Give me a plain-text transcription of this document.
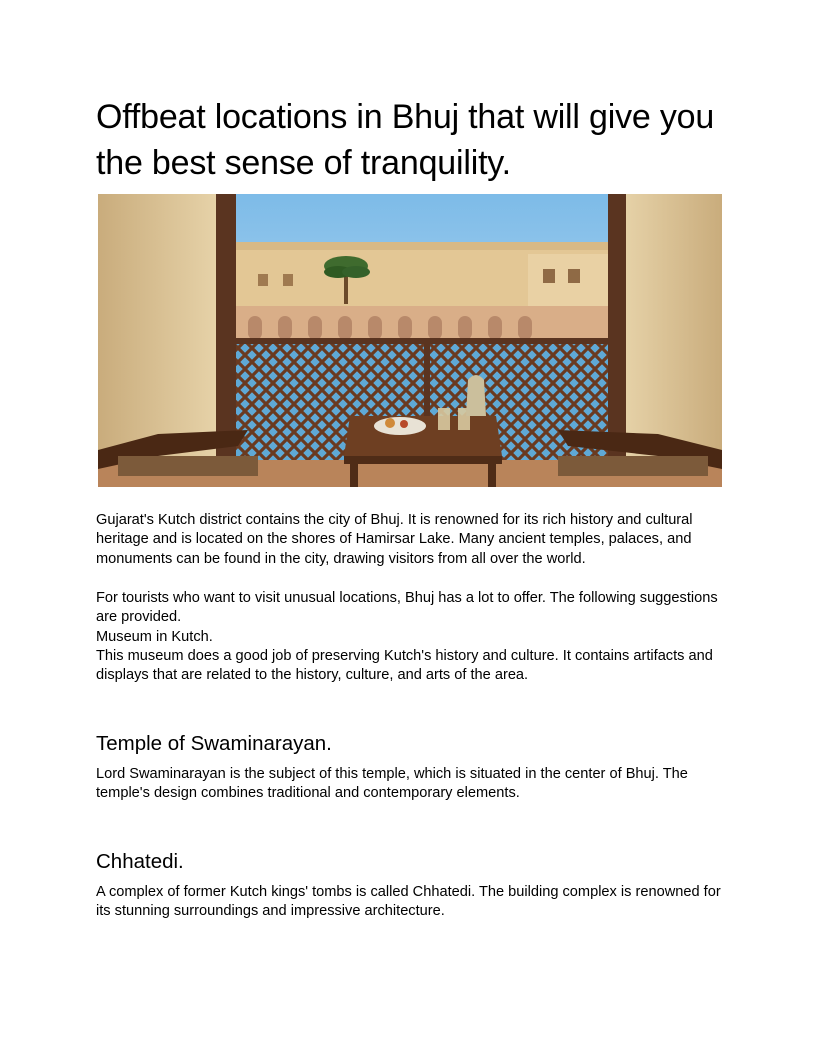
Offbeat locations in Bhuj that will give you the best sense of tranquility.

Gujarat's Kutch district contains the city of Bhuj. It is renowned for its rich history and cultural heritage and is located on the shores of Hamirsar Lake. Many ancient temples, palaces, and monuments can be found in the city, drawing visitors from all over the world.

For tourists who want to visit unusual locations, Bhuj has a lot to offer. The following suggestions are provided.

Museum in Kutch.

This museum does a good job of preserving Kutch's history and culture. It contains artifacts and displays that are related to the history, culture, and arts of the area.

Temple of Swaminarayan.

Lord Swaminarayan is the subject of this temple, which is situated in the center of Bhuj. The temple's design combines traditional and contemporary elements.

Chhatedi.

A complex of former Kutch kings' tombs is called Chhatedi. The building complex is renowned for its stunning surroundings and impressive architecture.
